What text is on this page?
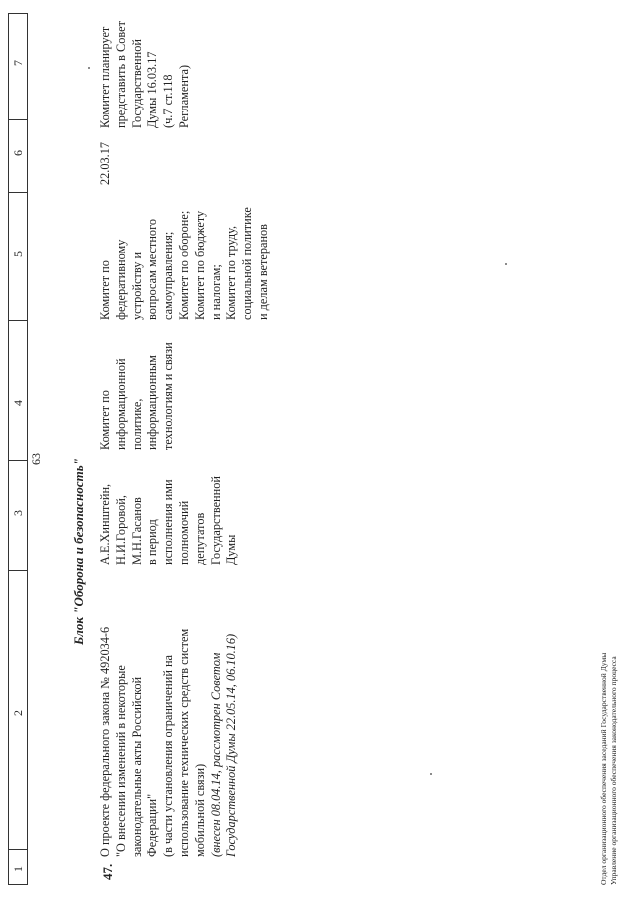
1
2
3
4
5
6
7
63 Блок "Оборона и безопасность"
47.
О проекте федерального закона № 492034-6 "О внесении изменений в некоторые законодательные акты Российской Федерации" (в части установления ограничений на использование технических средств систем мобильной связи) (внесен 08.04.14, рассмотрен Советом Государственной Думы 22.05.14, 06.10.16)
А.Е.Хинштейн, Н.И.Горовой, М.Н.Гасанов в период исполнения ими полномочий депутатов Государственной Думы
Комитет по информационной политике, информационным технологиям и связи
Комитет по федеративному устройству и вопросам местного самоуправления; Комитет по обороне; Комитет по бюджету и налогам; Комитет по труду, социальной политике и делам ветеранов
22.03.17
Комитет планирует представить в Совет Государственной Думы 16.03.17 (ч.7 ст.118 Регламента)
Отдел организационного обеспечения заседаний Государственной Думы Управление организационного обеспечения законодательного процесса
